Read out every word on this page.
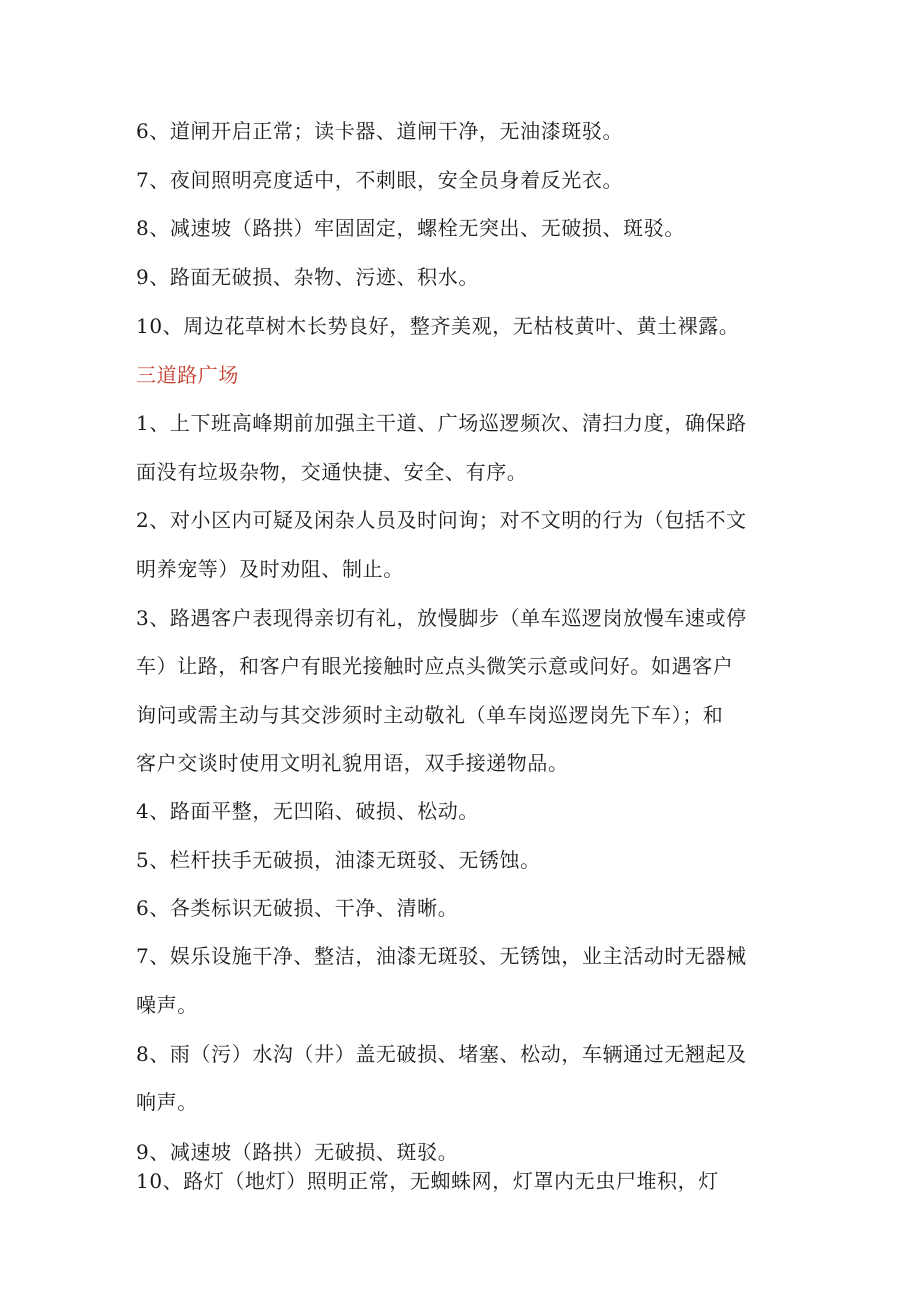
6、道闸开启正常；读卡器、道闸干净，无油漆斑驳。
7、夜间照明亮度适中，不刺眼，安全员身着反光衣。
8、减速坡（路拱）牢固固定，螺栓无突出、无破损、斑驳。
9、路面无破损、杂物、污迹、积水。
10、周边花草树木长势良好，整齐美观，无枯枝黄叶、黄土裸露。
三道路广场
1、上下班高峰期前加强主干道、广场巡逻频次、清扫力度，确保路
面没有垃圾杂物，交通快捷、安全、有序。
2、对小区内可疑及闲杂人员及时问询；对不文明的行为（包括不文
明养宠等）及时劝阻、制止。
3、路遇客户表现得亲切有礼，放慢脚步（单车巡逻岗放慢车速或停
车）让路，和客户有眼光接触时应点头微笑示意或问好。如遇客户
询问或需主动与其交涉须时主动敬礼（单车岗巡逻岗先下车）；和
客户交谈时使用文明礼貌用语，双手接递物品。
4、路面平整，无凹陷、破损、松动。
5、栏杆扶手无破损，油漆无斑驳、无锈蚀。
6、各类标识无破损、干净、清晰。
7、娱乐设施干净、整洁，油漆无斑驳、无锈蚀，业主活动时无器械
噪声。
8、雨（污）水沟（井）盖无破损、堵塞、松动，车辆通过无翘起及
响声。
9、减速坡（路拱）无破损、斑驳。
10、路灯（地灯）照明正常，无蜘蛛网，灯罩内无虫尸堆积，灯
